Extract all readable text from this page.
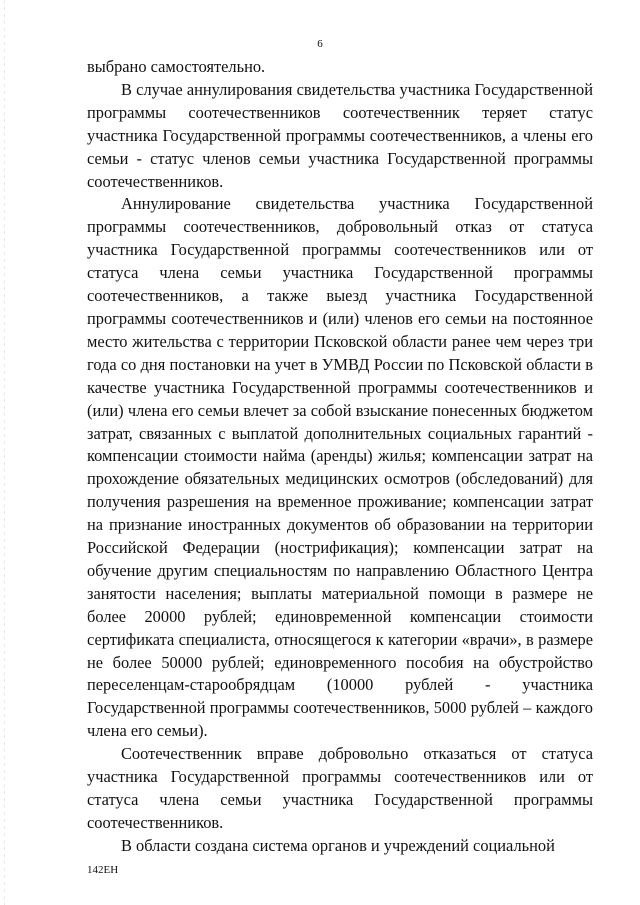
6

выбрано самостоятельно.

В случае аннулирования свидетельства участника Государственной программы соотечественников соотечественник теряет статус участника Государственной программы соотечественников, а члены его семьи - статус членов семьи участника Государственной программы соотечественников.

Аннулирование свидетельства участника Государственной программы соотечественников, добровольный отказ от статуса участника Государственной программы соотечественников или от статуса члена семьи участника Государственной программы соотечественников, а также выезд участника Государственной программы соотечественников и (или) членов его семьи на постоянное место жительства с территории Псковской области ранее чем через три года со дня постановки на учет в УМВД России по Псковской области в качестве участника Государственной программы соотечественников и (или) члена его семьи влечет за собой взыскание понесенных бюджетом затрат, связанных с выплатой дополнительных социальных гарантий - компенсации стоимости найма (аренды) жилья; компенсации затрат на прохождение обязательных медицинских осмотров (обследований) для получения разрешения на временное проживание; компенсации затрат на признание иностранных документов об образовании на территории Российской Федерации (нострификация); компенсации затрат на обучение другим специальностям по направлению Областного Центра занятости населения; выплаты материальной помощи в размере не более 20000 рублей; единовременной компенсации стоимости сертификата специалиста, относящегося к категории «врачи», в размере не более 50000 рублей; единовременного пособия на обустройство переселенцам-старообрядцам (10000 рублей - участника Государственной программы соотечественников, 5000 рублей – каждого члена его семьи).

Соотечественник вправе добровольно отказаться от статуса участника Государственной программы соотечественников или от статуса члена семьи участника Государственной программы соотечественников.

В области создана система органов и учреждений социальной

142ЕН
